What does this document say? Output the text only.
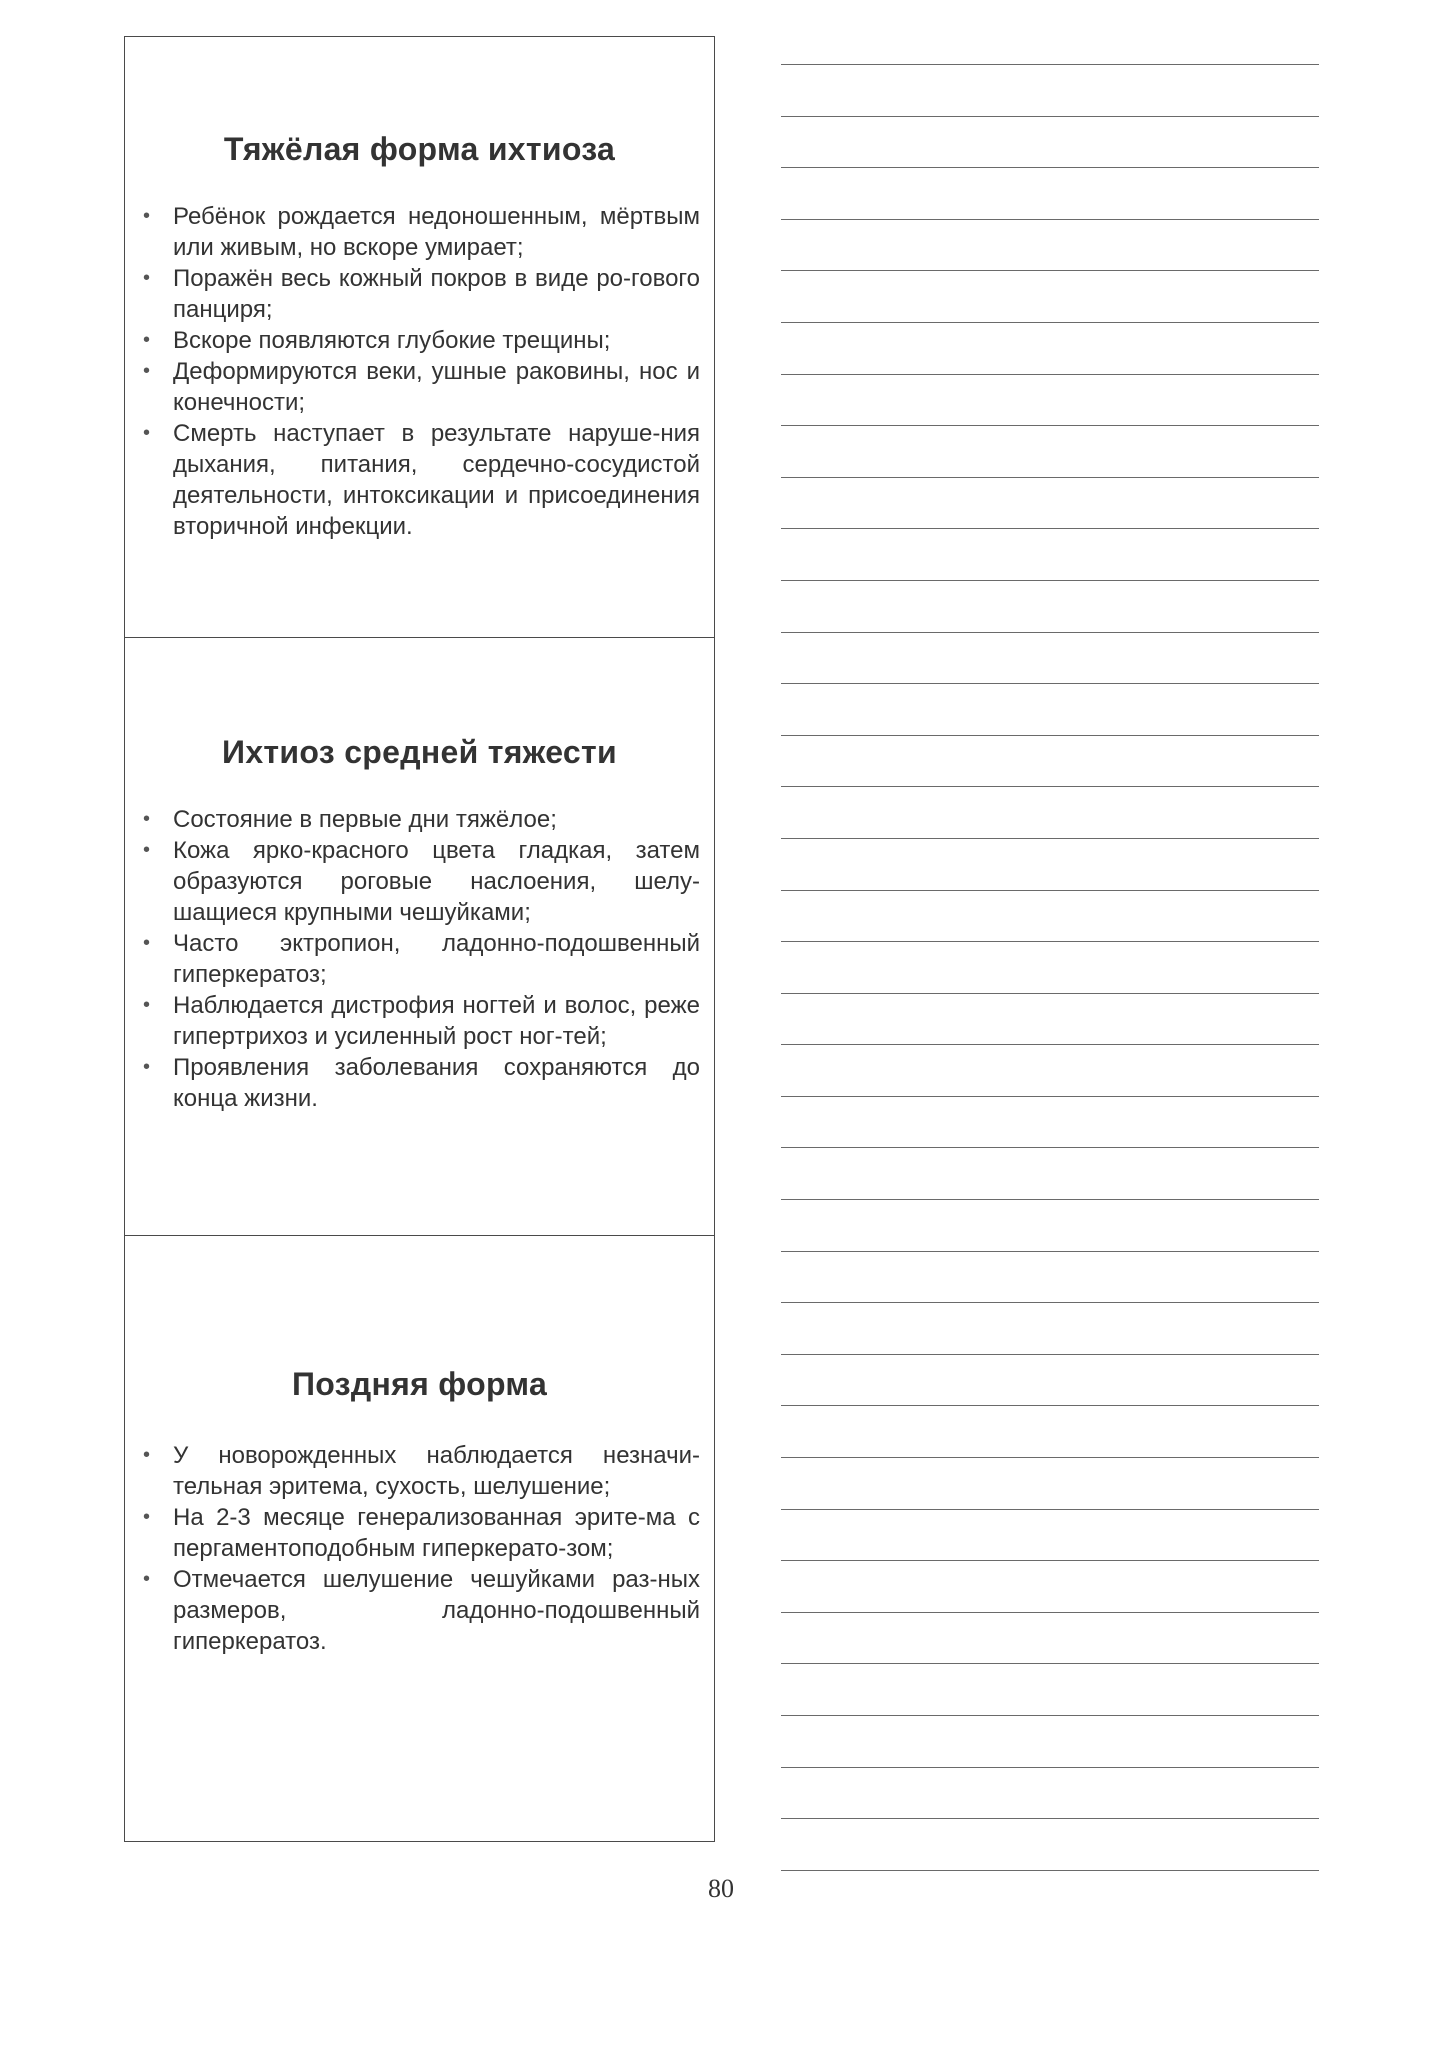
Тяжёлая форма ихтиоза
• Ребёнок рождается недоношенным, мёртвым или живым, но вскоре умирает;
• Поражён весь кожный покров в виде ро-гового панциря;
• Вскоре появляются глубокие трещины;
• Деформируются веки, ушные раковины, нос и конечности;
• Смерть наступает в результате наруше-ния дыхания, питания, сердечно-сосудистой деятельности, интоксикации и присоединения вторичной инфекции.
Ихтиоз средней тяжести
• Состояние в первые дни тяжёлое;
• Кожа ярко-красного цвета гладкая, затем образуются роговые наслоения, шелу-шащиеся крупными чешуйками;
• Часто эктропион, ладонно-подошвенный гиперкератоз;
• Наблюдается дистрофия ногтей и волос, реже гипертрихоз и усиленный рост ног-тей;
• Проявления заболевания сохраняются до конца жизни.
Поздняя форма
• У новорожденных наблюдается незначи-тельная эритема, сухость, шелушение;
• На 2-3 месяце генерализованная эрите-ма с пергаментоподобным гиперкерато-зом;
• Отмечается шелушение чешуйками раз-ных размеров, ладонно-подошвенный гиперкератоз.
80
